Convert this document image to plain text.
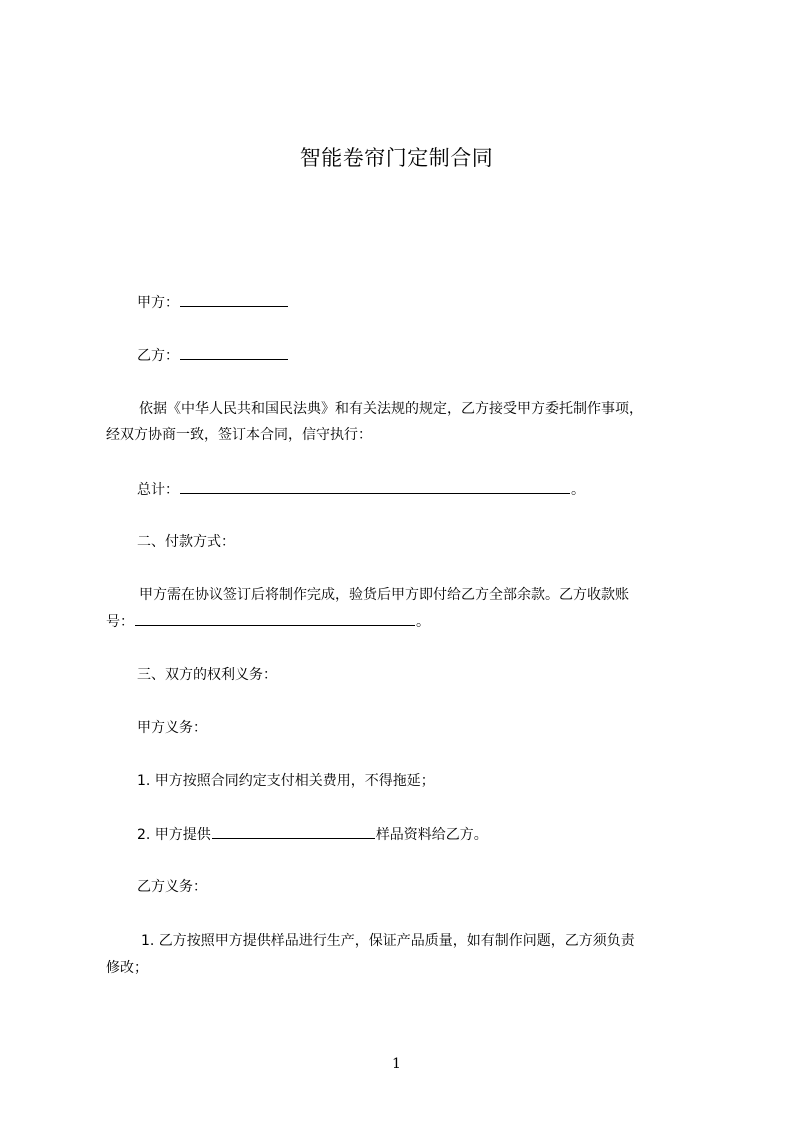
智能卷帘门定制合同
甲方：
乙方：
依据《中华人民共和国民法典》和有关法规的规定，乙方接受甲方委托制作事项，
经双方协商一致，签订本合同，信守执行：
总计：	。
二、付款方式：
甲方需在协议签订后将制作完成，验货后甲方即付给乙方全部余款。乙方收款账
号：	。
三、双方的权利义务：
甲方义务：
1. 甲方按照合同约定支付相关费用，不得拖延；
2. 甲方提供	样品资料给乙方。
乙方义务：
1. 乙方按照甲方提供样品进行生产，保证产品质量，如有制作问题，乙方须负责
修改；
1
